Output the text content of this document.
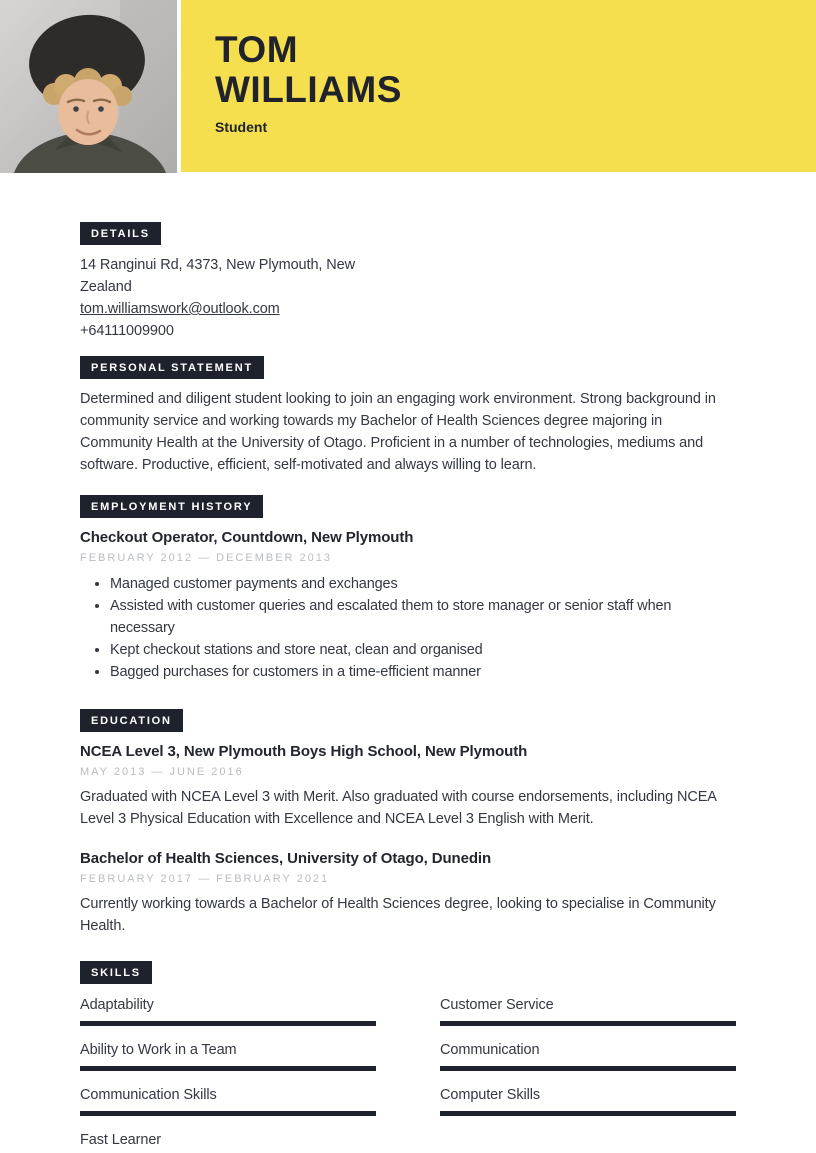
TOM
WILLIAMS
Student
DETAILS
14 Ranginui Rd, 4373, New Plymouth, New
Zealand
tom.williamswork@outlook.com
+64111009900
PERSONAL STATEMENT

Determined and diligent student looking to join an engaging work environment. Strong background in community service and working towards my Bachelor of Health Sciences degree majoring in Community Health at the University of Otago. Proficient in a number of technologies, mediums and software. Productive, efficient, self-motivated and always willing to learn.

EMPLOYMENT HISTORY
Checkout Operator, Countdown, New Plymouth
FEBRUARY 2012 — DECEMBER 2013
• Managed customer payments and exchanges
• Assisted with customer queries and escalated them to store manager or senior staff when necessary
• Kept checkout stations and store neat, clean and organised
• Bagged purchases for customers in a time-efficient manner
EDUCATION
NCEA Level 3, New Plymouth Boys High School, New Plymouth
MAY 2013 — JUNE 2016

Graduated with NCEA Level 3 with Merit. Also graduated with course endorsements, including NCEA Level 3 Physical Education with Excellence and NCEA Level 3 English with Merit.

Bachelor of Health Sciences, University of Otago, Dunedin
FEBRUARY 2017 — FEBRUARY 2021

Currently working towards a Bachelor of Health Sciences degree, looking to specialise in Community Health.

SKILLS
Adaptability
Ability to Work in a Team
Communication Skills
Fast Learner
Customer Service
Communication
Computer Skills
